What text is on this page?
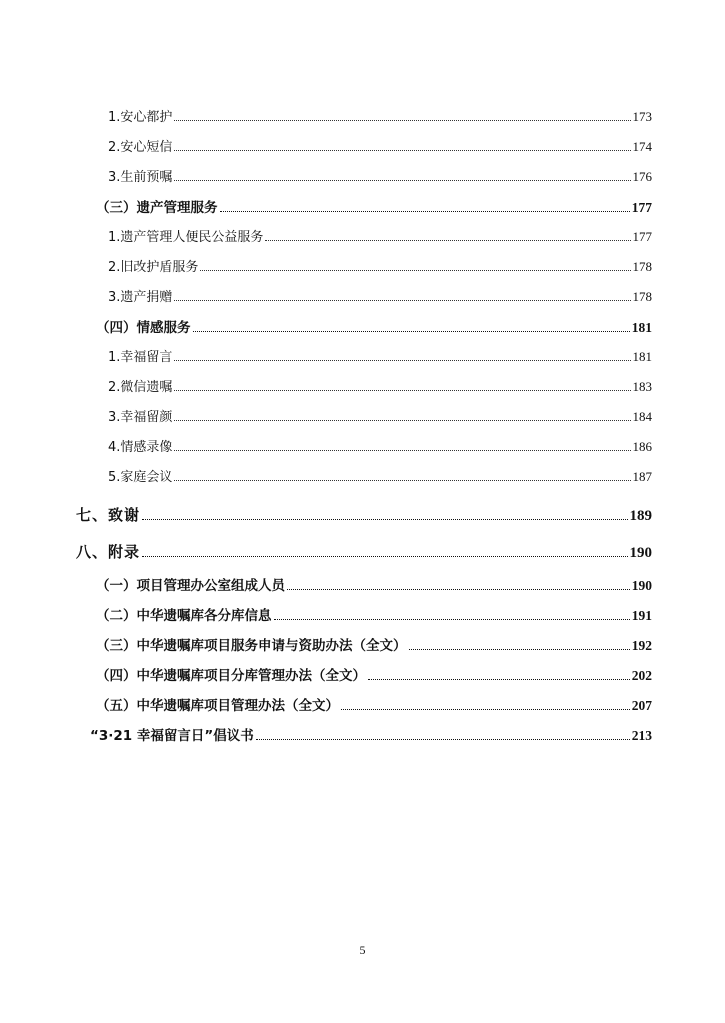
1.安心都护	173
2.安心短信	174
3.生前预嘱	176
（三）遗产管理服务	177
1.遗产管理人便民公益服务	177
2.旧改护盾服务	178
3.遗产捐赠	178
（四）情感服务	181
1.幸福留言	181
2.微信遗嘱	183
3.幸福留颜	184
4.情感录像	186
5.家庭会议	187
七、致谢	189
八、附录	190
（一）项目管理办公室组成人员	190
（二）中华遗嘱库各分库信息	191
（三）中华遗嘱库项目服务申请与资助办法（全文）	192
（四）中华遗嘱库项目分库管理办法（全文）	202
（五）中华遗嘱库项目管理办法（全文）	207
“3·21 幸福留言日”倡议书	213
5
